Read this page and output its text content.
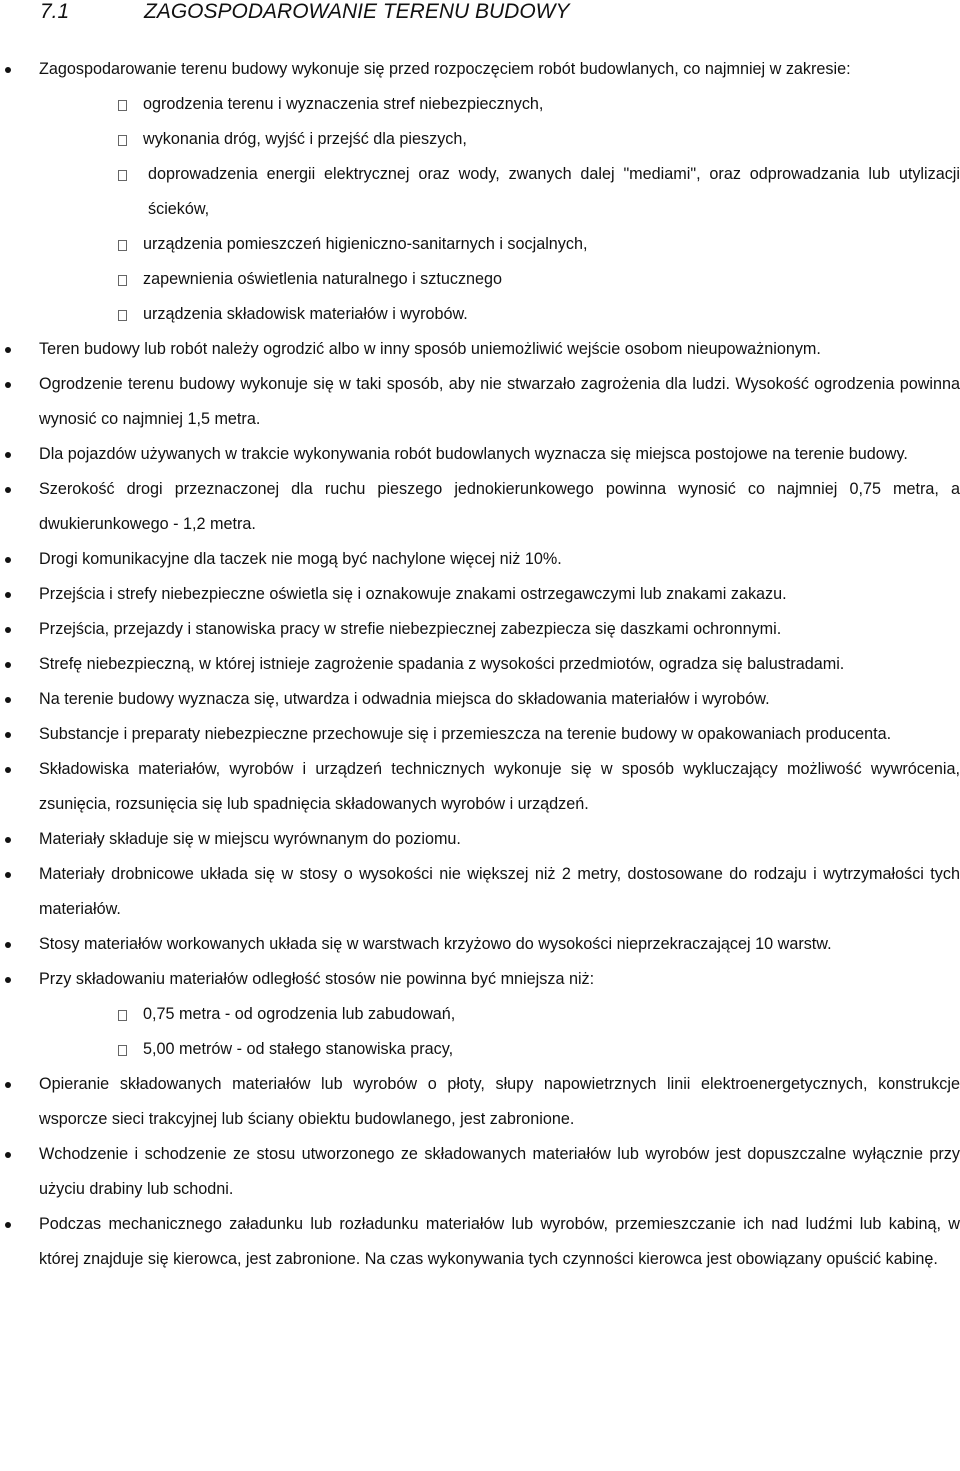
7.1	ZAGOSPODAROWANIE TERENU BUDOWY
Zagospodarowanie terenu budowy wykonuje się przed rozpoczęciem robót budowlanych, co najmniej w zakresie:
ogrodzenia terenu i wyznaczenia stref niebezpiecznych,
wykonania dróg, wyjść i przejść dla pieszych,
doprowadzenia energii elektrycznej oraz wody, zwanych dalej "mediami", oraz odprowadzania lub utylizacji ścieków,
urządzenia pomieszczeń higieniczno-sanitarnych i socjalnych,
zapewnienia oświetlenia naturalnego i sztucznego
urządzenia składowisk materiałów i wyrobów.
Teren budowy lub robót należy ogrodzić albo w inny sposób uniemożliwić wejście osobom nieupoważnionym.
Ogrodzenie terenu budowy wykonuje się w taki sposób, aby nie stwarzało zagrożenia dla ludzi. Wysokość ogrodzenia powinna wynosić co najmniej 1,5 metra.
Dla pojazdów używanych w trakcie wykonywania robót budowlanych wyznacza się miejsca postojowe na terenie budowy.
Szerokość drogi przeznaczonej dla ruchu pieszego jednokierunkowego powinna wynosić co najmniej 0,75 metra, a dwukierunkowego - 1,2 metra.
Drogi komunikacyjne dla taczek nie mogą być nachylone więcej niż 10%.
Przejścia i strefy niebezpieczne oświetla się i oznakowuje znakami ostrzegawczymi lub znakami zakazu.
Przejścia, przejazdy i stanowiska pracy w strefie niebezpiecznej zabezpiecza się daszkami ochronnymi.
Strefę niebezpieczną, w której istnieje zagrożenie spadania z wysokości przedmiotów, ogradza się balustradami.
Na terenie budowy wyznacza się, utwardza i odwadnia miejsca do składowania materiałów i wyrobów.
Substancje i preparaty niebezpieczne przechowuje się i przemieszcza na terenie budowy w opakowaniach producenta.
Składowiska materiałów, wyrobów i urządzeń technicznych wykonuje się w sposób wykluczający możliwość wywrócenia, zsunięcia, rozsunięcia się lub spadnięcia składowanych wyrobów i urządzeń.
Materiały składuje się w miejscu wyrównanym do poziomu.
Materiały drobnicowe układa się w stosy o wysokości nie większej niż 2 metry, dostosowane do rodzaju i wytrzymałości tych materiałów.
Stosy materiałów workowanych układa się w warstwach krzyżowo do wysokości nieprzekraczającej 10 warstw.
Przy składowaniu materiałów odległość stosów nie powinna być mniejsza niż:
0,75 metra - od ogrodzenia lub zabudowań,
5,00 metrów - od stałego stanowiska pracy,
Opieranie składowanych materiałów lub wyrobów o płoty, słupy napowietrznych linii elektroenergetycznych, konstrukcje wsporcze sieci trakcyjnej lub ściany obiektu budowlanego, jest zabronione.
Wchodzenie i schodzenie ze stosu utworzonego ze składowanych materiałów lub wyrobów jest dopuszczalne wyłącznie przy użyciu drabiny lub schodni.
Podczas mechanicznego załadunku lub rozładunku materiałów lub wyrobów, przemieszczanie ich nad ludźmi lub kabiną, w której znajduje się kierowca, jest zabronione. Na czas wykonywania tych czynności kierowca jest obowiązany opuścić kabinę.
